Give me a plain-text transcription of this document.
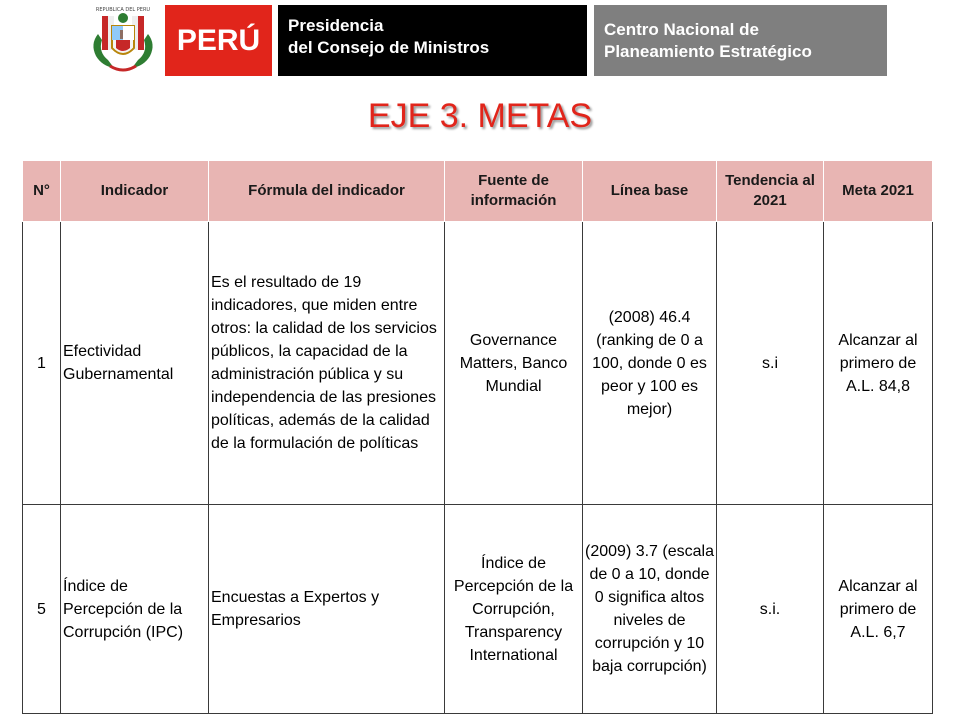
REPUBLICA DEL PERU
PERÚ Presidencia
del Consejo de Ministros
Centro Nacional de
Planeamiento Estratégico
EJE 3. METAS
N°	Indicador	Fórmula del indicador	Fuente de información	Línea base	Tendencia al 2021	Meta 2021
1	Efectividad Gubernamental	Es el resultado de 19 indicadores, que miden entre otros: la calidad de los servicios públicos, la capacidad de la administración pública y su independencia de las presiones políticas, además de la calidad de la formulación de políticas	Governance Matters, Banco Mundial	(2008) 46.4 (ranking de 0 a 100, donde 0 es peor y 100 es mejor)	s.i	Alcanzar al primero de A.L. 84,8
5	Índice de Percepción de la Corrupción (IPC)	Encuestas a Expertos y Empresarios	Índice de Percepción de la Corrupción, Transparency International	(2009) 3.7 (escala de 0 a 10, donde 0 significa altos niveles de corrupción y 10 baja corrupción)	s.i.	Alcanzar al primero de A.L. 6,7
